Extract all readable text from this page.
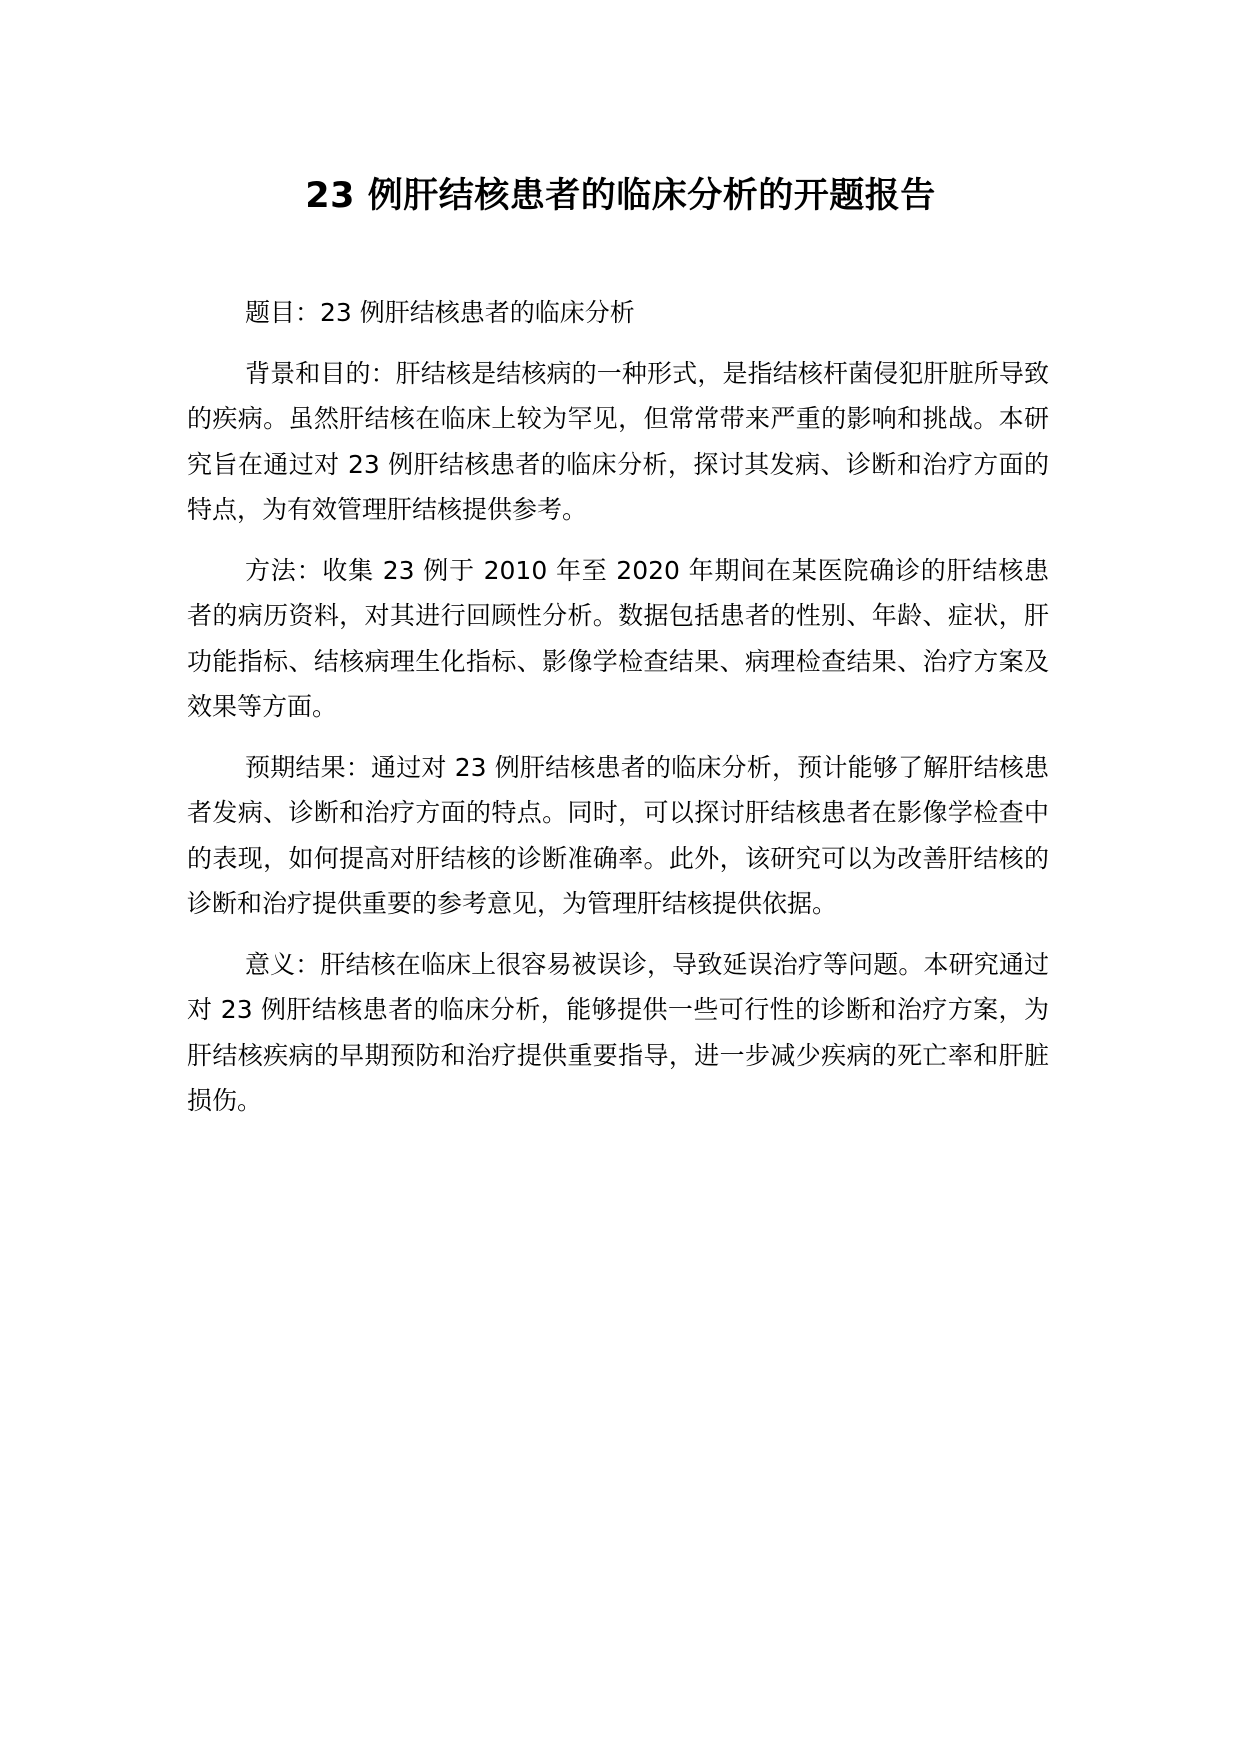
23 例肝结核患者的临床分析的开题报告

题目：23 例肝结核患者的临床分析

背景和目的：肝结核是结核病的一种形式，是指结核杆菌侵犯肝脏所导致的疾病。虽然肝结核在临床上较为罕见，但常常带来严重的影响和挑战。本研究旨在通过对 23 例肝结核患者的临床分析，探讨其发病、诊断和治疗方面的特点，为有效管理肝结核提供参考。

方法：收集 23 例于 2010 年至 2020 年期间在某医院确诊的肝结核患者的病历资料，对其进行回顾性分析。数据包括患者的性别、年龄、症状，肝功能指标、结核病理生化指标、影像学检查结果、病理检查结果、治疗方案及效果等方面。

预期结果：通过对 23 例肝结核患者的临床分析，预计能够了解肝结核患者发病、诊断和治疗方面的特点。同时，可以探讨肝结核患者在影像学检查中的表现，如何提高对肝结核的诊断准确率。此外，该研究可以为改善肝结核的诊断和治疗提供重要的参考意见，为管理肝结核提供依据。

意义：肝结核在临床上很容易被误诊，导致延误治疗等问题。本研究通过对 23 例肝结核患者的临床分析，能够提供一些可行性的诊断和治疗方案，为肝结核疾病的早期预防和治疗提供重要指导，进一步减少疾病的死亡率和肝脏损伤。
